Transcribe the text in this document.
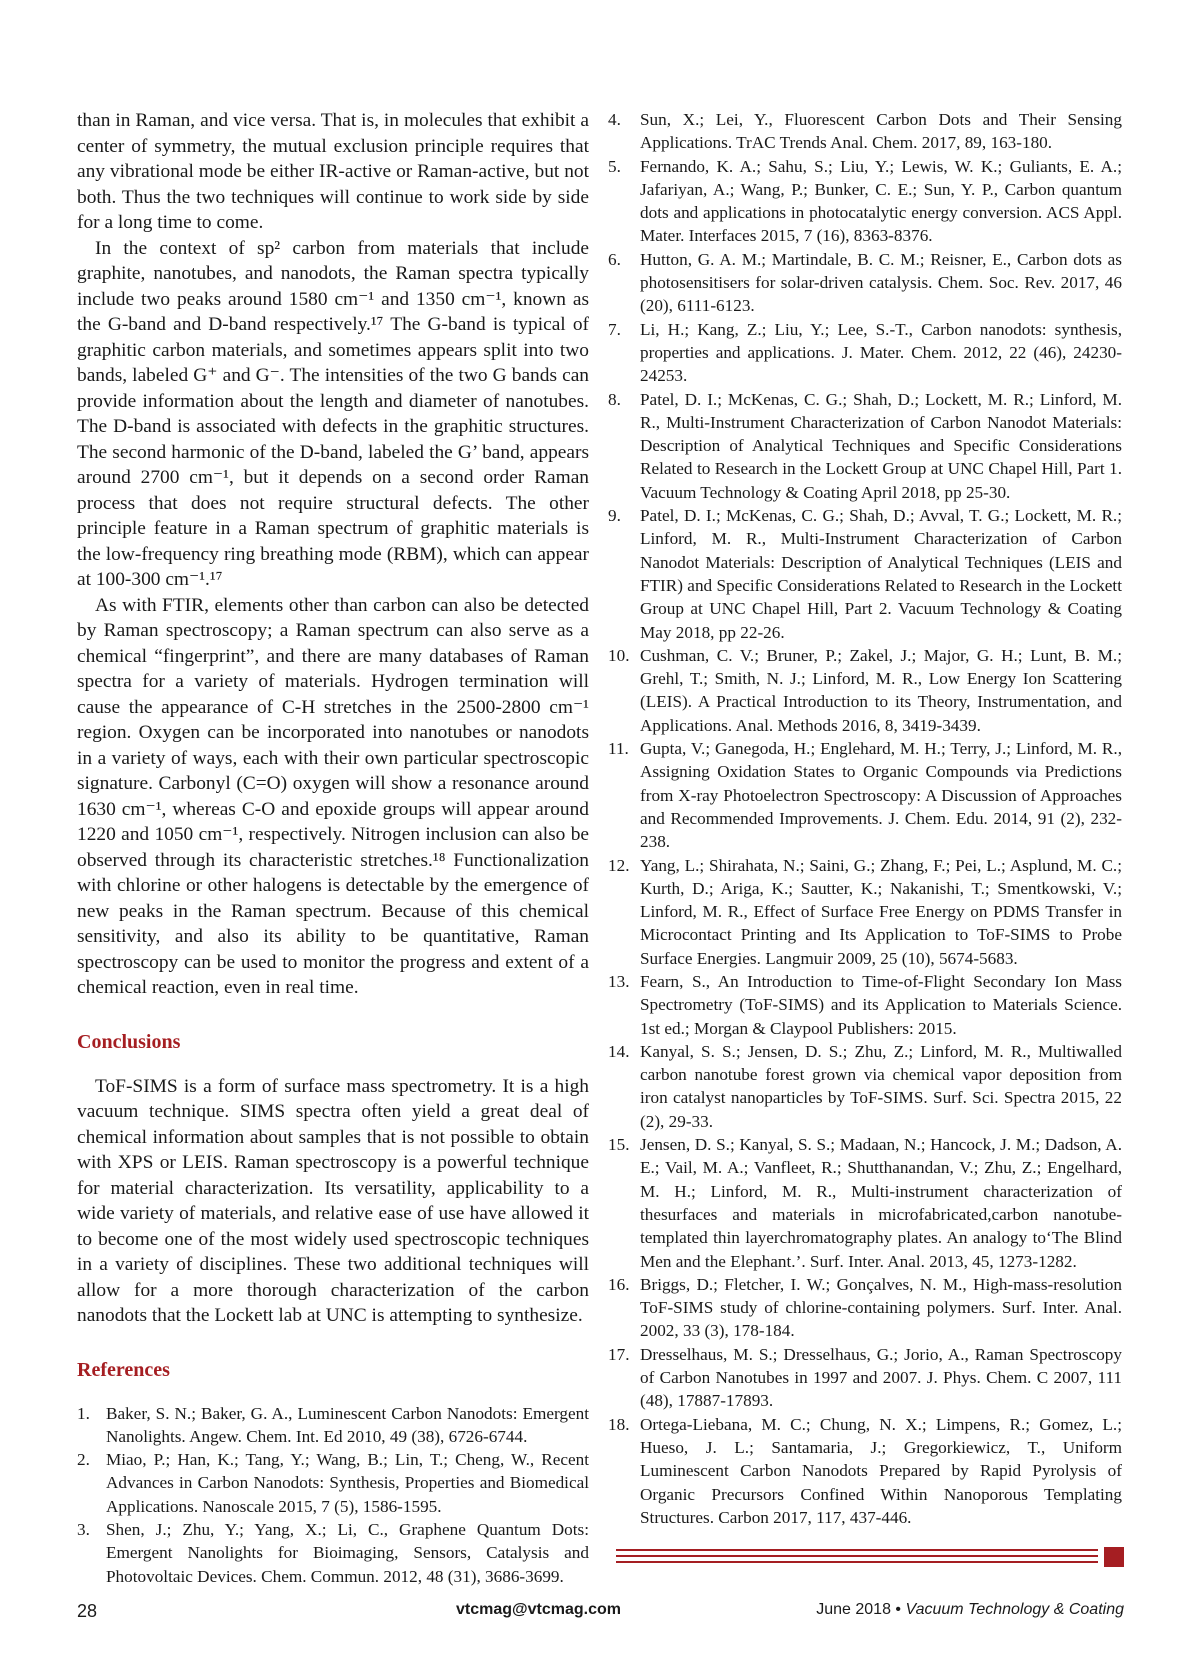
than in Raman, and vice versa. That is, in molecules that exhibit a center of symmetry, the mutual exclusion principle requires that any vibrational mode be either IR-active or Raman-active, but not both. Thus the two techniques will continue to work side by side for a long time to come.

In the context of sp² carbon from materials that include graphite, nanotubes, and nanodots, the Raman spectra typically include two peaks around 1580 cm⁻¹ and 1350 cm⁻¹, known as the G-band and D-band respectively.¹⁷ The G-band is typical of graphitic carbon materials, and sometimes appears split into two bands, labeled G⁺ and G⁻. The intensities of the two G bands can provide information about the length and diameter of nanotubes. The D-band is associated with defects in the graphitic structures. The second harmonic of the D-band, labeled the G’ band, appears around 2700 cm⁻¹, but it depends on a second order Raman process that does not require structural defects. The other principle feature in a Raman spectrum of graphitic materials is the low-frequency ring breathing mode (RBM), which can appear at 100-300 cm⁻¹.¹⁷

As with FTIR, elements other than carbon can also be detected by Raman spectroscopy; a Raman spectrum can also serve as a chemical “fingerprint”, and there are many databases of Raman spectra for a variety of materials. Hydrogen termination will cause the appearance of C-H stretches in the 2500-2800 cm⁻¹ region. Oxygen can be incorporated into nanotubes or nanodots in a variety of ways, each with their own particular spectroscopic signature. Carbonyl (C=O) oxygen will show a resonance around 1630 cm⁻¹, whereas C-O and epoxide groups will appear around 1220 and 1050 cm⁻¹, respectively. Nitrogen inclusion can also be observed through its characteristic stretches.¹⁸ Functionalization with chlorine or other halogens is detectable by the emergence of new peaks in the Raman spectrum. Because of this chemical sensitivity, and also its ability to be quantitative, Raman spectroscopy can be used to monitor the progress and extent of a chemical reaction, even in real time.

Conclusions

ToF-SIMS is a form of surface mass spectrometry. It is a high vacuum technique. SIMS spectra often yield a great deal of chemical information about samples that is not possible to obtain with XPS or LEIS. Raman spectroscopy is a powerful technique for material characterization. Its versatility, applicability to a wide variety of materials, and relative ease of use have allowed it to become one of the most widely used spectroscopic techniques in a variety of disciplines. These two additional techniques will allow for a more thorough characterization of the carbon nanodots that the Lockett lab at UNC is attempting to synthesize.

References
1. Baker, S. N.; Baker, G. A., Luminescent Carbon Nanodots: Emergent Nanolights. Angew. Chem. Int. Ed 2010, 49 (38), 6726-6744.
2. Miao, P.; Han, K.; Tang, Y.; Wang, B.; Lin, T.; Cheng, W., Recent Advances in Carbon Nanodots: Synthesis, Properties and Biomedical Applications. Nanoscale 2015, 7 (5), 1586-1595.
3. Shen, J.; Zhu, Y.; Yang, X.; Li, C., Graphene Quantum Dots: Emergent Nanolights for Bioimaging, Sensors, Catalysis and Photovoltaic Devices. Chem. Commun. 2012, 48 (31), 3686-3699.
4. Sun, X.; Lei, Y., Fluorescent Carbon Dots and Their Sensing Applications. TrAC Trends Anal. Chem. 2017, 89, 163-180.
5. Fernando, K. A.; Sahu, S.; Liu, Y.; Lewis, W. K.; Guliants, E. A.; Jafariyan, A.; Wang, P.; Bunker, C. E.; Sun, Y. P., Carbon quantum dots and applications in photocatalytic energy conversion. ACS Appl. Mater. Interfaces 2015, 7 (16), 8363-8376.
6. Hutton, G. A. M.; Martindale, B. C. M.; Reisner, E., Carbon dots as photosensitisers for solar-driven catalysis. Chem. Soc. Rev. 2017, 46 (20), 6111-6123.
7. Li, H.; Kang, Z.; Liu, Y.; Lee, S.-T., Carbon nanodots: synthesis, properties and applications. J. Mater. Chem. 2012, 22 (46), 24230-24253.
8. Patel, D. I.; McKenas, C. G.; Shah, D.; Lockett, M. R.; Linford, M. R., Multi-Instrument Characterization of Carbon Nanodot Materials: Description of Analytical Techniques and Specific Considerations Related to Research in the Lockett Group at UNC Chapel Hill, Part 1. Vacuum Technology & Coating April 2018, pp 25-30.
9. Patel, D. I.; McKenas, C. G.; Shah, D.; Avval, T. G.; Lockett, M. R.; Linford, M. R., Multi-Instrument Characterization of Carbon Nanodot Materials: Description of Analytical Techniques (LEIS and FTIR) and Specific Considerations Related to Research in the Lockett Group at UNC Chapel Hill, Part 2. Vacuum Technology & Coating May 2018, pp 22-26.
10. Cushman, C. V.; Bruner, P.; Zakel, J.; Major, G. H.; Lunt, B. M.; Grehl, T.; Smith, N. J.; Linford, M. R., Low Energy Ion Scattering (LEIS). A Practical Introduction to its Theory, Instrumentation, and Applications. Anal. Methods 2016, 8, 3419-3439.
11. Gupta, V.; Ganegoda, H.; Englehard, M. H.; Terry, J.; Linford, M. R., Assigning Oxidation States to Organic Compounds via Predictions from X-ray Photoelectron Spectroscopy: A Discussion of Approaches and Recommended Improvements. J. Chem. Edu. 2014, 91 (2), 232-238.
12. Yang, L.; Shirahata, N.; Saini, G.; Zhang, F.; Pei, L.; Asplund, M. C.; Kurth, D.; Ariga, K.; Sautter, K.; Nakanishi, T.; Smentkowski, V.; Linford, M. R., Effect of Surface Free Energy on PDMS Transfer in Microcontact Printing and Its Application to ToF-SIMS to Probe Surface Energies. Langmuir 2009, 25 (10), 5674-5683.
13. Fearn, S., An Introduction to Time-of-Flight Secondary Ion Mass Spectrometry (ToF-SIMS) and its Application to Materials Science. 1st ed.; Morgan & Claypool Publishers: 2015.
14. Kanyal, S. S.; Jensen, D. S.; Zhu, Z.; Linford, M. R., Multiwalled carbon nanotube forest grown via chemical vapor deposition from iron catalyst nanoparticles by ToF-SIMS. Surf. Sci. Spectra 2015, 22 (2), 29-33.
15. Jensen, D. S.; Kanyal, S. S.; Madaan, N.; Hancock, J. M.; Dadson, A. E.; Vail, M. A.; Vanfleet, R.; Shutthanandan, V.; Zhu, Z.; Engelhard, M. H.; Linford, M. R., Multi-instrument characterization of thesurfaces and materials in microfabricated,carbon nanotube-templated thin layerchromatography plates. An analogy to‘The Blind Men and the Elephant.’. Surf. Inter. Anal. 2013, 45, 1273-1282.
16. Briggs, D.; Fletcher, I. W.; Gonçalves, N. M., High-mass-resolution ToF-SIMS study of chlorine-containing polymers. Surf. Inter. Anal. 2002, 33 (3), 178-184.
17. Dresselhaus, M. S.; Dresselhaus, G.; Jorio, A., Raman Spectroscopy of Carbon Nanotubes in 1997 and 2007. J. Phys. Chem. C 2007, 111 (48), 17887-17893.
18. Ortega-Liebana, M. C.; Chung, N. X.; Limpens, R.; Gomez, L.; Hueso, J. L.; Santamaria, J.; Gregorkiewicz, T., Uniform Luminescent Carbon Nanodots Prepared by Rapid Pyrolysis of Organic Precursors Confined Within Nanoporous Templating Structures. Carbon 2017, 117, 437-446.
28	vtcmag@vtcmag.com	June 2018 • Vacuum Technology & Coating
